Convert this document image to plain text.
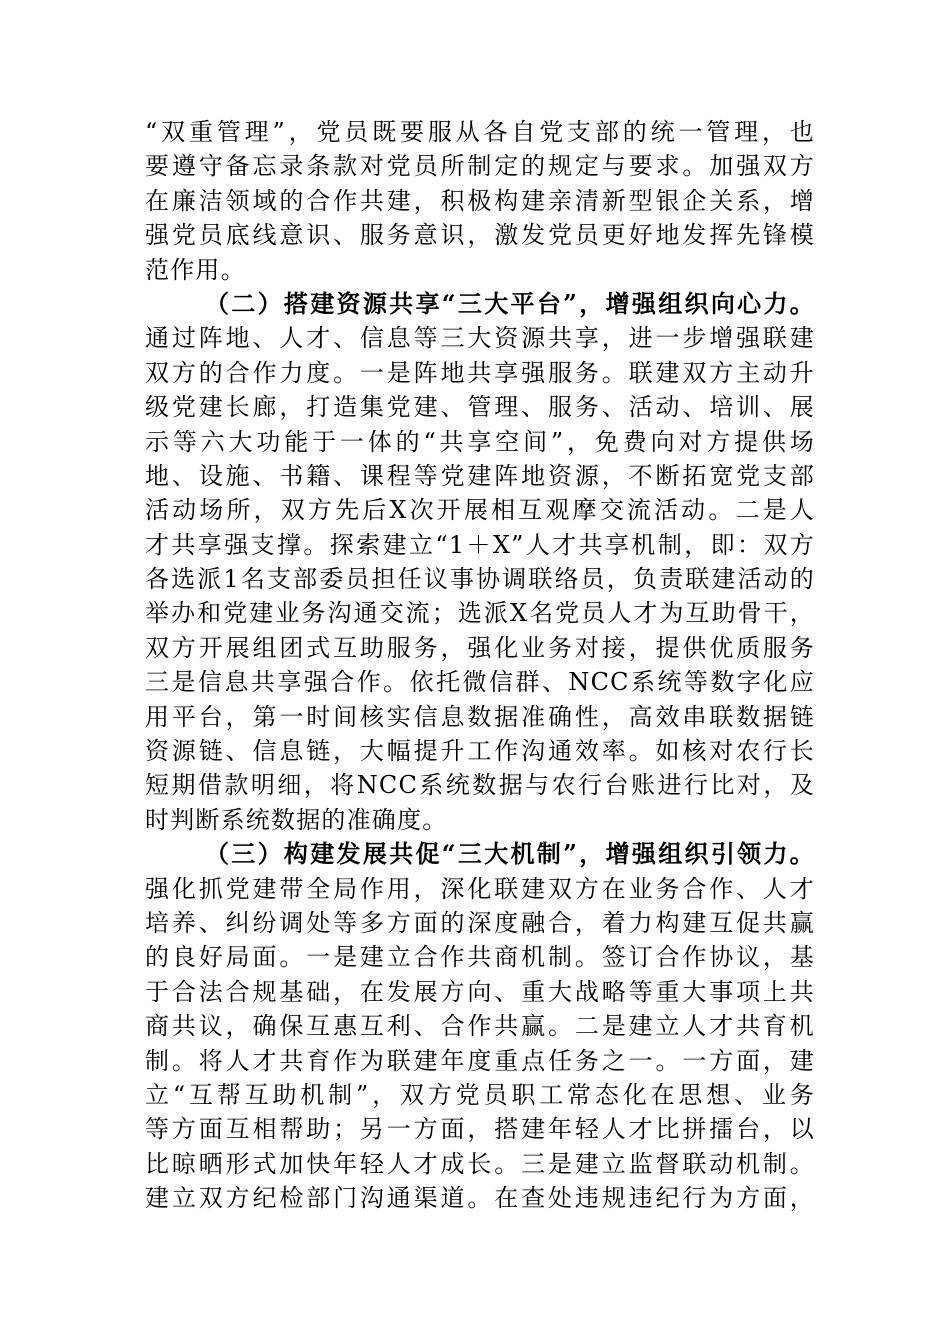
“双重管理”，党员既要服从各自党支部的统一管理，也
要遵守备忘录条款对党员所制定的规定与要求。加强双方
在廉洁领域的合作共建，积极构建亲清新型银企关系，增
强党员底线意识、服务意识，激发党员更好地发挥先锋模
范作用。
（二）搭建资源共享“三大平台”，增强组织向心力。
通过阵地、人才、信息等三大资源共享，进一步增强联建
双方的合作力度。一是阵地共享强服务。联建双方主动升
级党建长廊，打造集党建、管理、服务、活动、培训、展
示等六大功能于一体的“共享空间”，免费向对方提供场
地、设施、书籍、课程等党建阵地资源，不断拓宽党支部
活动场所，双方先后X次开展相互观摩交流活动。二是人
才共享强支撑。探索建立“1＋X”人才共享机制，即：双方
各选派1名支部委员担任议事协调联络员，负责联建活动的
举办和党建业务沟通交流；选派X名党员人才为互助骨干，
双方开展组团式互助服务，强化业务对接，提供优质服务
三是信息共享强合作。依托微信群、NCC系统等数字化应
用平台，第一时间核实信息数据准确性，高效串联数据链
资源链、信息链，大幅提升工作沟通效率。如核对农行长
短期借款明细，将NCC系统数据与农行台账进行比对，及
时判断系统数据的准确度。
（三）构建发展共促“三大机制”，增强组织引领力。
强化抓党建带全局作用，深化联建双方在业务合作、人才
培养、纠纷调处等多方面的深度融合，着力构建互促共赢
的良好局面。一是建立合作共商机制。签订合作协议，基
于合法合规基础，在发展方向、重大战略等重大事项上共
商共议，确保互惠互利、合作共赢。二是建立人才共育机
制。将人才共育作为联建年度重点任务之一。一方面，建
立“互帮互助机制”，双方党员职工常态化在思想、业务
等方面互相帮助；另一方面，搭建年轻人才比拼擂台，以
比晾晒形式加快年轻人才成长。三是建立监督联动机制。
建立双方纪检部门沟通渠道。在查处违规违纪行为方面，
